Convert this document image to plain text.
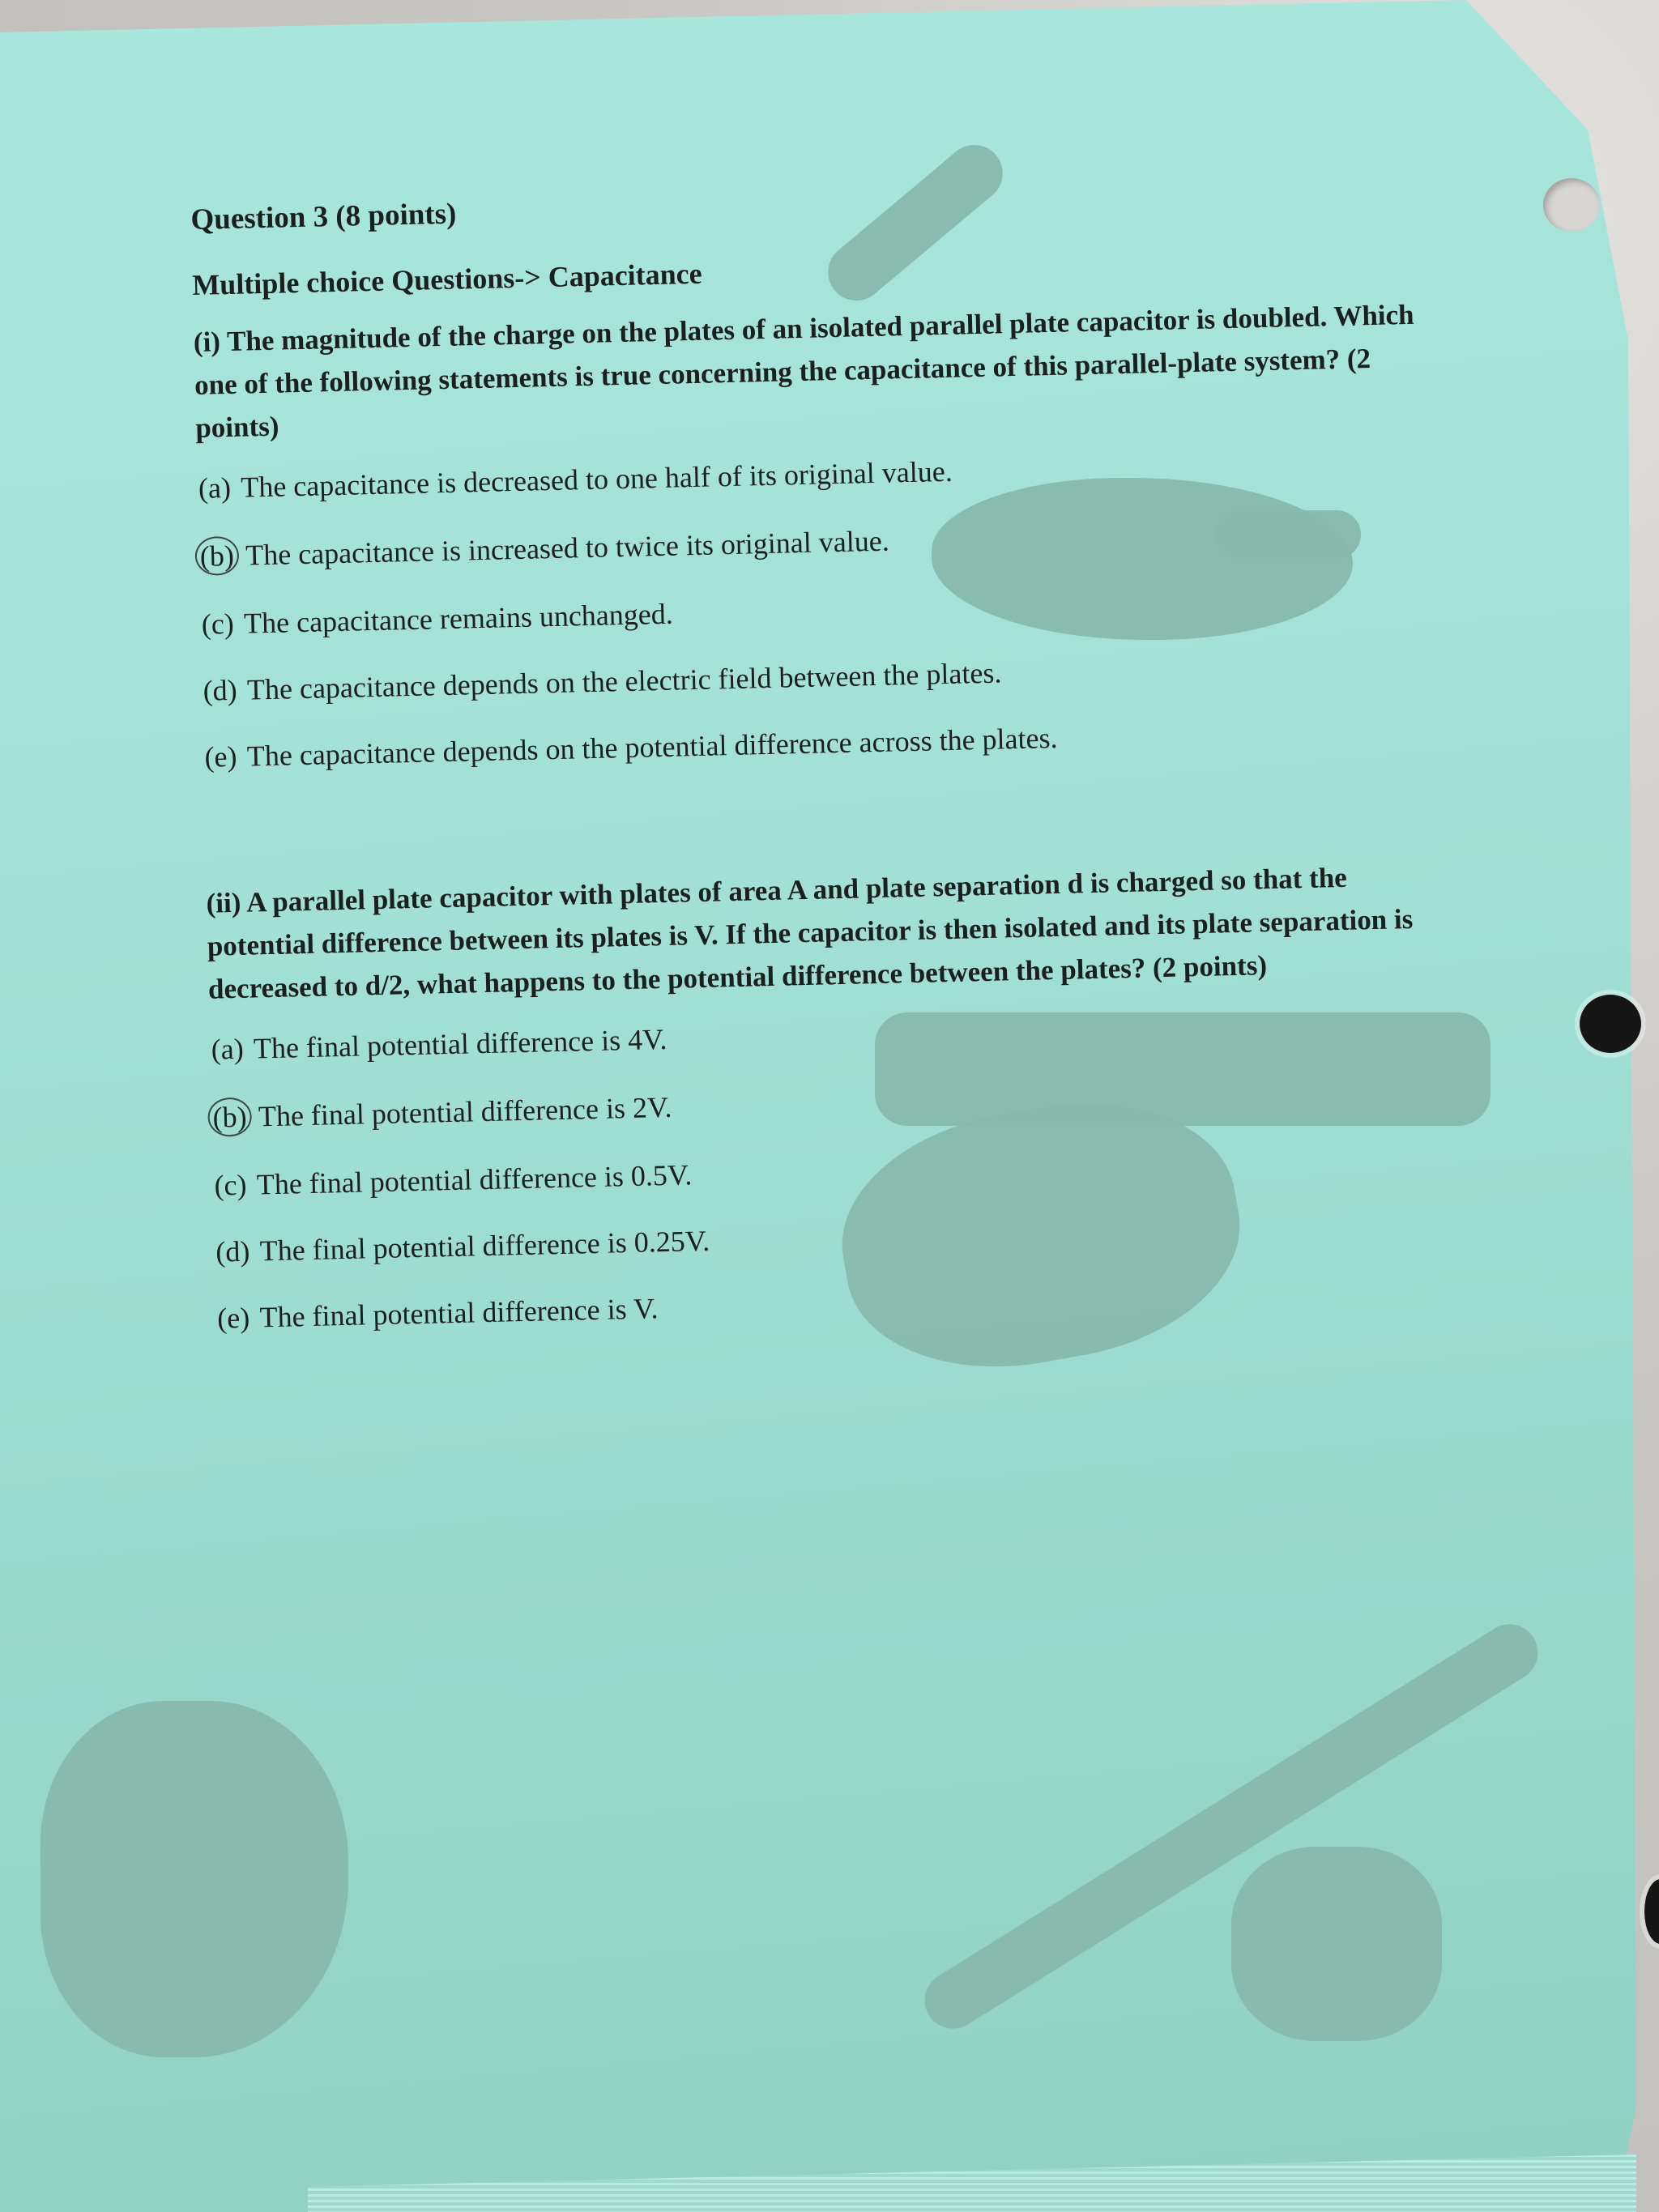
Question 3 (8 points)

Multiple choice Questions-> Capacitance

(i) The magnitude of the charge on the plates of an isolated parallel plate capacitor is doubled. Which one of the following statements is true concerning the capacitance of this parallel-plate system? (2 points)

(a) The capacitance is decreased to one half of its original value.
(b) The capacitance is increased to twice its original value.
(c) The capacitance remains unchanged.
(d) The capacitance depends on the electric field between the plates.
(e) The capacitance depends on the potential difference across the plates.

(ii) A parallel plate capacitor with plates of area A and plate separation d is charged so that the potential difference between its plates is V. If the capacitor is then isolated and its plate separation is decreased to d/2, what happens to the potential difference between the plates? (2 points)

(a) The final potential difference is 4V.
(b) The final potential difference is 2V.
(c) The final potential difference is 0.5V.
(d) The final potential difference is 0.25V.
(e) The final potential difference is V.
